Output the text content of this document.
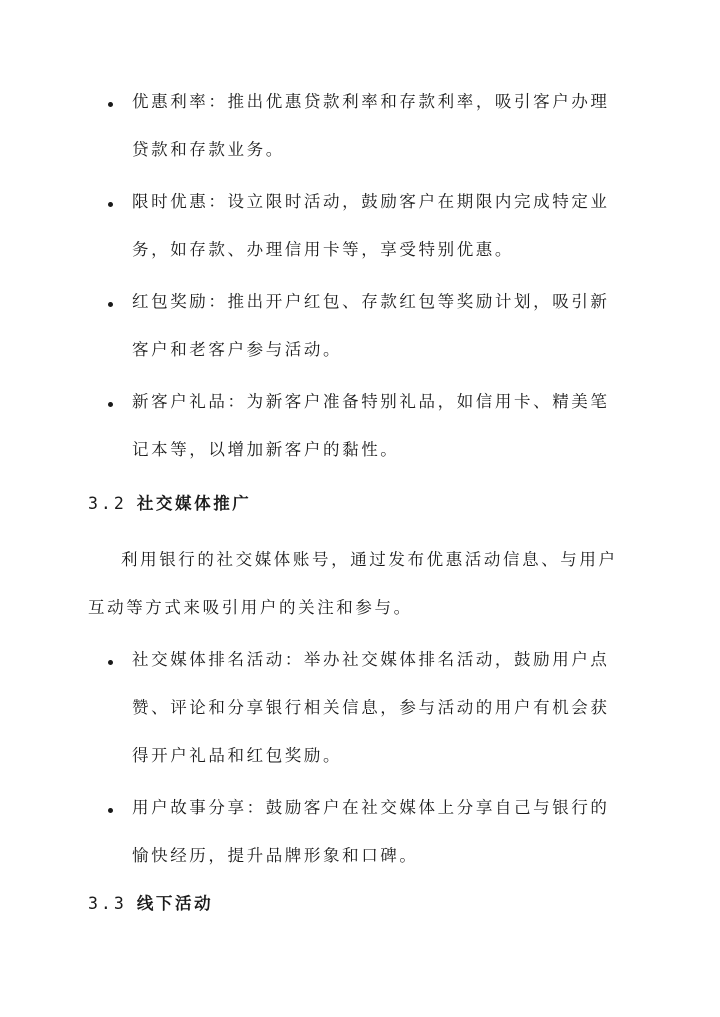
优惠利率：推出优惠贷款利率和存款利率，吸引客户办理贷款和存款业务。
限时优惠：设立限时活动，鼓励客户在期限内完成特定业务，如存款、办理信用卡等，享受特别优惠。
红包奖励：推出开户红包、存款红包等奖励计划，吸引新客户和老客户参与活动。
新客户礼品：为新客户准备特别礼品，如信用卡、精美笔记本等，以增加新客户的黏性。
3.2 社交媒体推广
利用银行的社交媒体账号，通过发布优惠活动信息、与用户互动等方式来吸引用户的关注和参与。
社交媒体排名活动：举办社交媒体排名活动，鼓励用户点赞、评论和分享银行相关信息，参与活动的用户有机会获得开户礼品和红包奖励。
用户故事分享：鼓励客户在社交媒体上分享自己与银行的愉快经历，提升品牌形象和口碑。
3.3 线下活动
